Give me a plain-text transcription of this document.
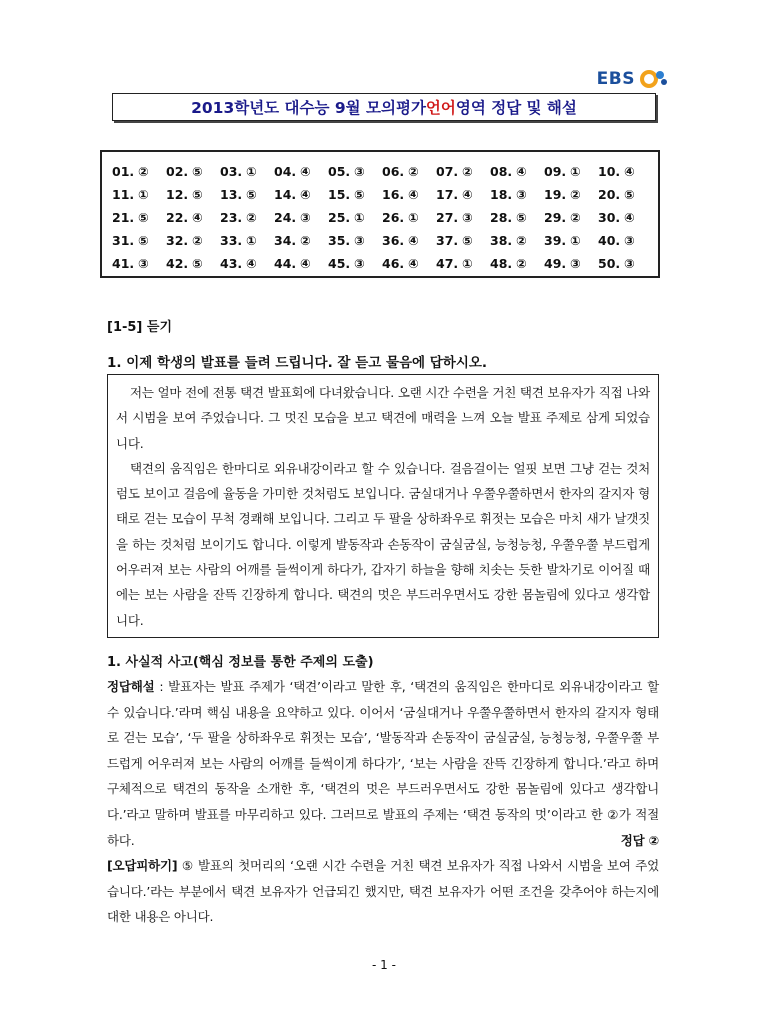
EBS
2013학년도 대수능 9월 모의평가 언어 영역 정답 및 해설
01. ②	02. ⑤	03. ①	04. ④	05. ③	06. ②	07. ②	08. ④	09. ①	10. ④
11. ①	12. ⑤	13. ⑤	14. ④	15. ⑤	16. ④	17. ④	18. ③	19. ②	20. ⑤
21. ⑤	22. ④	23. ②	24. ③	25. ①	26. ①	27. ③	28. ⑤	29. ②	30. ④
31. ⑤	32. ②	33. ①	34. ②	35. ③	36. ④	37. ⑤	38. ②	39. ①	40. ③
41. ③	42. ⑤	43. ④	44. ④	45. ③	46. ④	47. ①	48. ②	49. ③	50. ③
[1-5] 듣기
1. 이제 학생의 발표를 들려 드립니다. 잘 듣고 물음에 답하시오.

저는 얼마 전에 전통 택견 발표회에 다녀왔습니다. 오랜 시간 수련을 거친 택견 보유자가 직접 나와서 시범을 보여 주었습니다. 그 멋진 모습을 보고 택견에 매력을 느껴 오늘 발표 주제로 삼게 되었습니다.

택견의 움직임은 한마디로 외유내강이라고 할 수 있습니다. 걸음걸이는 얼핏 보면 그냥 걷는 것처럼도 보이고 걸음에 율동을 가미한 것처럼도 보입니다. 굼실대거나 우쭐우쭐하면서 한자의 갈지자 형태로 걷는 모습이 무척 경쾌해 보입니다. 그리고 두 팔을 상하좌우로 휘젓는 모습은 마치 새가 날갯짓을 하는 것처럼 보이기도 합니다. 이렇게 발동작과 손동작이 굼실굼실, 능청능청, 우쭐우쭐 부드럽게 어우러져 보는 사람의 어깨를 들썩이게 하다가, 갑자기 하늘을 향해 치솟는 듯한 발차기로 이어질 때에는 보는 사람을 잔뜩 긴장하게 합니다. 택견의 멋은 부드러우면서도 강한 몸놀림에 있다고 생각합니다.

1. 사실적 사고(핵심 정보를 통한 주제의 도출)

정답해설 : 발표자는 발표 주제가 ‘택견’이라고 말한 후, ‘택견의 움직임은 한마디로 외유내강이라고 할 수 있습니다.’라며 핵심 내용을 요약하고 있다. 이어서 ‘굼실대거나 우쭐우쭐하면서 한자의 갈지자 형태로 걷는 모습’, ‘두 팔을 상하좌우로 휘젓는 모습’, ‘발동작과 손동작이 굼실굼실, 능청능청, 우쭐우쭐 부드럽게 어우러져 보는 사람의 어깨를 들썩이게 하다가’, ‘보는 사람을 잔뜩 긴장하게 합니다.’라고 하며 구체적으로 택견의 동작을 소개한 후, ‘택견의 멋은 부드러우면서도 강한 몸놀림에 있다고 생각합니다.’라고 말하며 발표를 마무리하고 있다. 그러므로 발표의 주제는 ‘택견 동작의 멋’이라고 한 ②가 적절하다.	정답 ②

[오답피하기] ⑤ 발표의 첫머리의 ‘오랜 시간 수련을 거친 택견 보유자가 직접 나와서 시범을 보여 주었습니다.’라는 부분에서 택견 보유자가 언급되긴 했지만, 택견 보유자가 어떤 조건을 갖추어야 하는지에 대한 내용은 아니다.

- 1 -
